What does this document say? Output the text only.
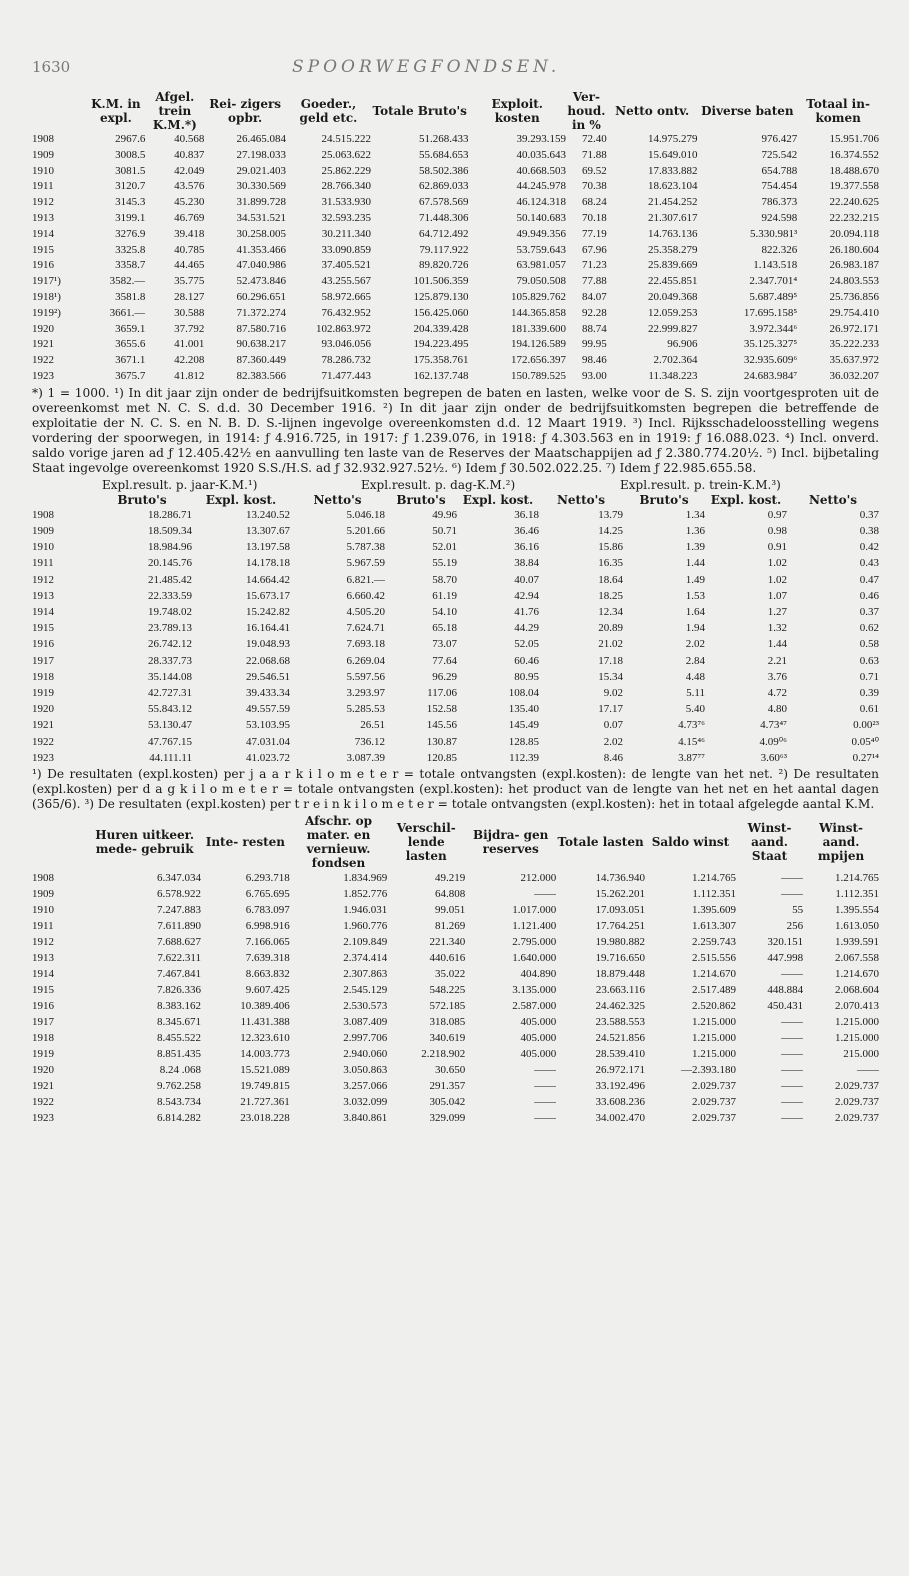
1630	SPOORWEGFONDSEN.
	K.M. in expl.	Afgel. trein K.M.*)	Rei- zigers opbr.	Goeder., geld etc.	Totale Bruto's	Exploit. kosten	Ver- houd. in %	Netto ontv.	Diverse baten	Totaal in- komen
1908	2967.6	40.568	26.465.084	24.515.222	51.268.433	39.293.159	72.40	14.975.279	976.427	15.951.706
1909	3008.5	40.837	27.198.033	25.063.622	55.684.653	40.035.643	71.88	15.649.010	725.542	16.374.552
1910	3081.5	42.049	29.021.403	25.862.229	58.502.386	40.668.503	69.52	17.833.882	654.788	18.488.670
1911	3120.7	43.576	30.330.569	28.766.340	62.869.033	44.245.978	70.38	18.623.104	754.454	19.377.558
1912	3145.3	45.230	31.899.728	31.533.930	67.578.569	46.124.318	68.24	21.454.252	786.373	22.240.625
1913	3199.1	46.769	34.531.521	32.593.235	71.448.306	50.140.683	70.18	21.307.617	924.598	22.232.215
1914	3276.9	39.418	30.258.005	30.211.340	64.712.492	49.949.356	77.19	14.763.136	5.330.981³	20.094.118
1915	3325.8	40.785	41.353.466	33.090.859	79.117.922	53.759.643	67.96	25.358.279	822.326	26.180.604
1916	3358.7	44.465	47.040.986	37.405.521	89.820.726	63.981.057	71.23	25.839.669	1.143.518	26.983.187
1917¹)	3582.—	35.775	52.473.846	43.255.567	101.506.359	79.050.508	77.88	22.455.851	2.347.701⁴	24.803.553
1918¹)	3581.8	28.127	60.296.651	58.972.665	125.879.130	105.829.762	84.07	20.049.368	5.687.489⁵	25.736.856
1919²)	3661.—	30.588	71.372.274	76.432.952	156.425.060	144.365.858	92.28	12.059.253	17.695.158⁵	29.754.410
1920	3659.1	37.792	87.580.716	102.863.972	204.339.428	181.339.600	88.74	22.999.827	3.972.344⁶	26.972.171
1921	3655.6	41.001	90.638.217	93.046.056	194.223.495	194.126.589	99.95	96.906	35.125.327⁵	35.222.233
1922	3671.1	42.208	87.360.449	78.286.732	175.358.761	172.656.397	98.46	2.702.364	32.935.609⁶	35.637.972
1923	3675.7	41.812	82.383.566	71.477.443	162.137.748	150.789.525	93.00	11.348.223	24.683.984⁷	36.032.207
*) 1 = 1000. ¹) In dit jaar zijn onder de bedrijfsuitkomsten begrepen de baten en lasten, welke voor de S. S. zijn voortgesproten uit de overeenkomst met N. C. S. d.d. 30 December 1916. ²) In dit jaar zijn onder de bedrijfsuitkomsten begrepen die betreffende de exploitatie der N. C. S. en N. B. D. S.-lijnen ingevolge overeenkomsten d.d. 12 Maart 1919. ³) Incl. Rijksschadeloosstelling wegens vordering der spoorwegen, in 1914: ƒ 4.916.725, in 1917: ƒ 1.239.076, in 1918: ƒ 4.303.563 en in 1919: ƒ 16.088.023. ⁴) Incl. onverd. saldo vorige jaren ad ƒ 12.405.42½ en aanvulling ten laste van de Reserves der Maatschappijen ad ƒ 2.380.774.20½. ⁵) Incl. bijbetaling Staat ingevolge overeenkomst 1920 S.S./H.S. ad ƒ 32.932.927.52½. ⁶) Idem ƒ 30.502.022.25. ⁷) Idem ƒ 22.985.655.58.
Expl.result. p. jaar-K.M.¹)	Expl.result. p. dag-K.M.²)	Expl.result. p. trein-K.M.³)
	Bruto's	Expl. kost.	Netto's	Bruto's	Expl. kost.	Netto's	Bruto's	Expl. kost.	Netto's
1908	18.286.71	13.240.52	5.046.18	49.96	36.18	13.79	1.34	0.97	0.37
1909	18.509.34	13.307.67	5.201.66	50.71	36.46	14.25	1.36	0.98	0.38
1910	18.984.96	13.197.58	5.787.38	52.01	36.16	15.86	1.39	0.91	0.42
1911	20.145.76	14.178.18	5.967.59	55.19	38.84	16.35	1.44	1.02	0.43
1912	21.485.42	14.664.42	6.821.—	58.70	40.07	18.64	1.49	1.02	0.47
1913	22.333.59	15.673.17	6.660.42	61.19	42.94	18.25	1.53	1.07	0.46
1914	19.748.02	15.242.82	4.505.20	54.10	41.76	12.34	1.64	1.27	0.37
1915	23.789.13	16.164.41	7.624.71	65.18	44.29	20.89	1.94	1.32	0.62
1916	26.742.12	19.048.93	7.693.18	73.07	52.05	21.02	2.02	1.44	0.58
1917	28.337.73	22.068.68	6.269.04	77.64	60.46	17.18	2.84	2.21	0.63
1918	35.144.08	29.546.51	5.597.56	96.29	80.95	15.34	4.48	3.76	0.71
1919	42.727.31	39.433.34	3.293.97	117.06	108.04	9.02	5.11	4.72	0.39
1920	55.843.12	49.557.59	5.285.53	152.58	135.40	17.17	5.40	4.80	0.61
1921	53.130.47	53.103.95	26.51	145.56	145.49	0.07	4.73⁷⁶	4.73⁴⁷	0.00²³
1922	47.767.15	47.031.04	736.12	130.87	128.85	2.02	4.15⁴⁶	4.09⁰⁶	0.05⁴⁰
1923	44.111.11	41.023.72	3.087.39	120.85	112.39	8.46	3.87⁷⁷	3.60⁶³	0.27¹⁴
¹) De resultaten (expl.kosten) per j a a r k i l o m e t e r = totale ontvangsten (expl.kosten): de lengte van het net. ²) De resultaten (expl.kosten) per d a g k i l o m e t e r = totale ontvangsten (expl.kosten): het product van de lengte van het net en het aantal dagen (365/6). ³) De resultaten (expl.kosten) per t r e i n k i l o m e t e r = totale ontvangsten (expl.kosten): het in totaal afgelegde aantal K.M.
	Huren uitkeer. mede- gebruik	Inte- resten	Afschr. op mater. en vernieuw. fondsen	Verschil- lende lasten	Bijdra- gen reserves	Totale lasten	Saldo winst	Winst- aand. Staat	Winst- aand. mpijen
1908	6.347.034	6.293.718	1.834.969	49.219	212.000	14.736.940	1.214.765	——	1.214.765
1909	6.578.922	6.765.695	1.852.776	64.808	——	15.262.201	1.112.351	——	1.112.351
1910	7.247.883	6.783.097	1.946.031	99.051	1.017.000	17.093.051	1.395.609	55	1.395.554
1911	7.611.890	6.998.916	1.960.776	81.269	1.121.400	17.764.251	1.613.307	256	1.613.050
1912	7.688.627	7.166.065	2.109.849	221.340	2.795.000	19.980.882	2.259.743	320.151	1.939.591
1913	7.622.311	7.639.318	2.374.414	440.616	1.640.000	19.716.650	2.515.556	447.998	2.067.558
1914	7.467.841	8.663.832	2.307.863	35.022	404.890	18.879.448	1.214.670	——	1.214.670
1915	7.826.336	9.607.425	2.545.129	548.225	3.135.000	23.663.116	2.517.489	448.884	2.068.604
1916	8.383.162	10.389.406	2.530.573	572.185	2.587.000	24.462.325	2.520.862	450.431	2.070.413
1917	8.345.671	11.431.388	3.087.409	318.085	405.000	23.588.553	1.215.000	——	1.215.000
1918	8.455.522	12.323.610	2.997.706	340.619	405.000	24.521.856	1.215.000	——	1.215.000
1919	8.851.435	14.003.773	2.940.060	2.218.902	405.000	28.539.410	1.215.000	——	215.000
1920	8.24 .068	15.521.089	3.050.863	30.650	——	26.972.171	—2.393.180	——	——
1921	9.762.258	19.749.815	3.257.066	291.357	——	33.192.496	2.029.737	——	2.029.737
1922	8.543.734	21.727.361	3.032.099	305.042	——	33.608.236	2.029.737	——	2.029.737
1923	6.814.282	23.018.228	3.840.861	329.099	——	34.002.470	2.029.737	——	2.029.737
